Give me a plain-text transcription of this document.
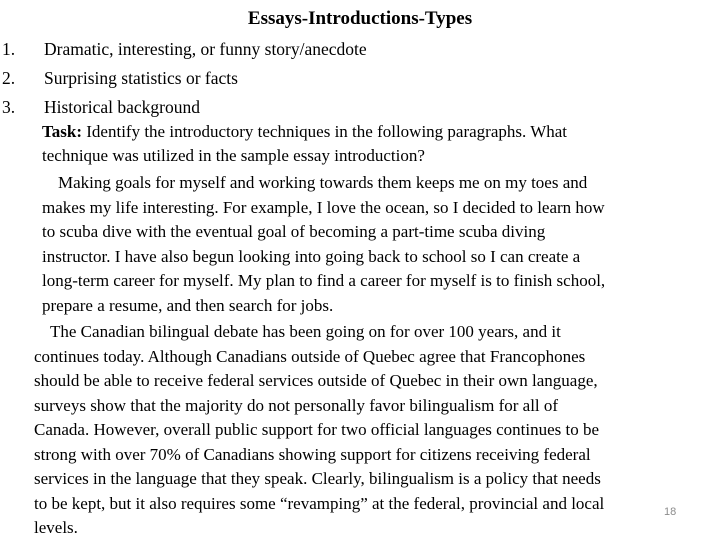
Essays-Introductions-Types
1.	Dramatic, interesting, or funny story/anecdote
2.	Surprising statistics or facts
3.	Historical background
Task: Identify the introductory techniques in the following paragraphs. What
technique was utilized in the sample essay introduction?
Making goals for myself and working towards them keeps me on my toes and
makes my life interesting. For example, I love the ocean, so I decided to learn how
to scuba dive with the eventual goal of becoming a part-time scuba diving
instructor. I have also begun looking into going back to school so I can create a
long-term career for myself. My plan to find a career for myself is to finish school,
prepare a resume, and then search for jobs.
The Canadian bilingual debate has been going on for over 100 years, and it
continues today. Although Canadians outside of Quebec agree that Francophones
should be able to receive federal services outside of Quebec in their own language,
surveys show that the majority do not personally favor bilingualism for all of
Canada. However, overall public support for two official languages continues to be
strong with over 70% of Canadians showing support for citizens receiving federal
services in the language that they speak. Clearly, bilingualism is a policy that needs
to be kept, but it also requires some “revamping” at the federal, provincial and local
levels.
18
